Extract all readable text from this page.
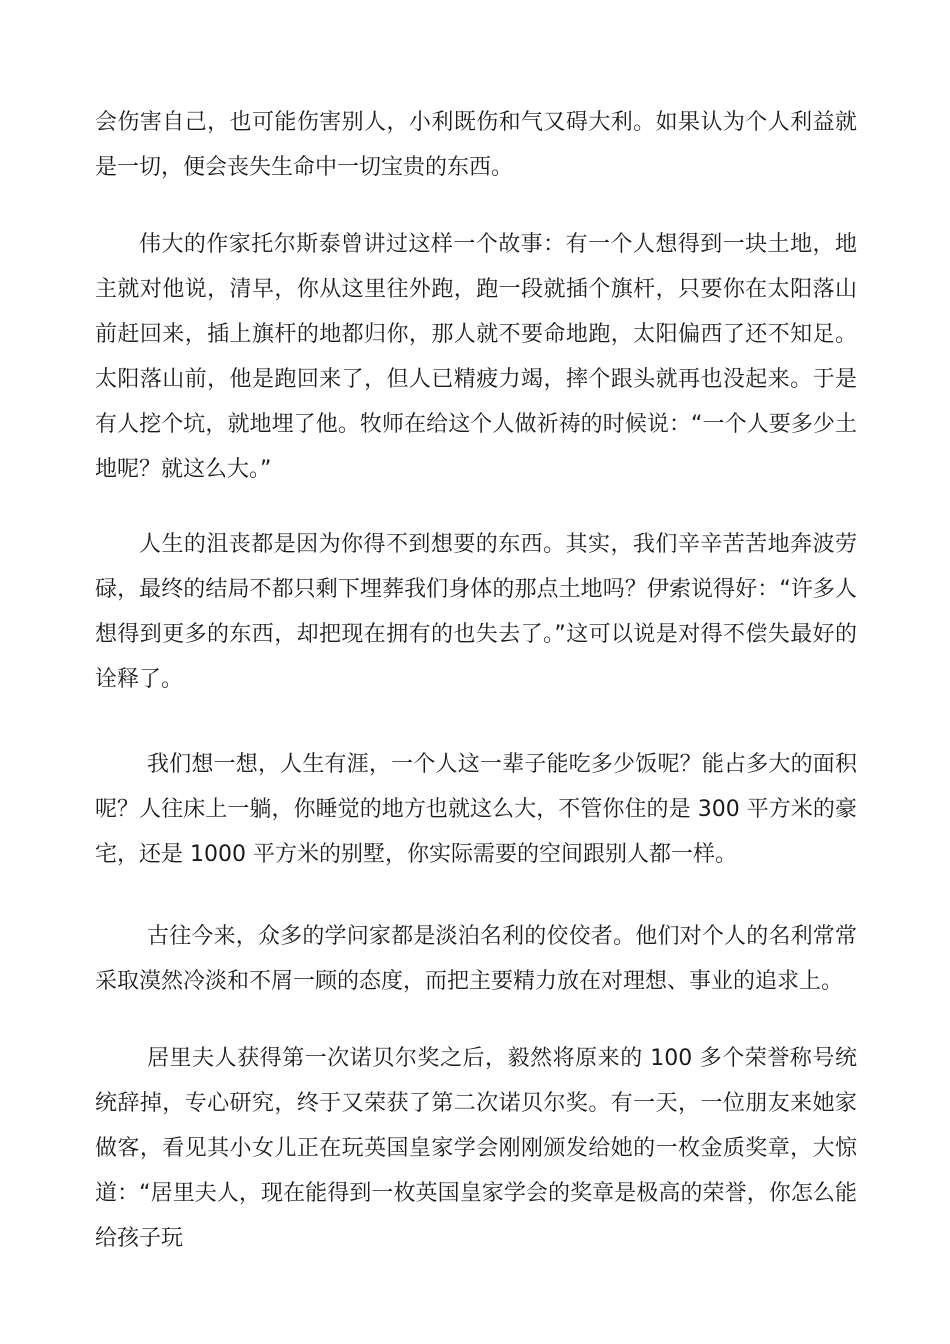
会伤害自己，也可能伤害别人，小利既伤和气又碍大利。如果认为个人利益就是一切，便会丧失生命中一切宝贵的东西。

伟大的作家托尔斯泰曾讲过这样一个故事：有一个人想得到一块土地，地主就对他说，清早，你从这里往外跑，跑一段就插个旗杆，只要你在太阳落山前赶回来，插上旗杆的地都归你，那人就不要命地跑，太阳偏西了还不知足。太阳落山前，他是跑回来了，但人已精疲力竭，摔个跟头就再也没起来。于是有人挖个坑，就地埋了他。牧师在给这个人做祈祷的时候说：“一个人要多少土地呢？就这么大。”

人生的沮丧都是因为你得不到想要的东西。其实，我们辛辛苦苦地奔波劳碌，最终的结局不都只剩下埋葬我们身体的那点土地吗？伊索说得好：“许多人想得到更多的东西，却把现在拥有的也失去了。”这可以说是对得不偿失最好的诠释了。

我们想一想，人生有涯，一个人这一辈子能吃多少饭呢？能占多大的面积呢？人往床上一躺，你睡觉的地方也就这么大，不管你住的是 300 平方米的豪宅，还是 1000 平方米的别墅，你实际需要的空间跟别人都一样。

古往今来，众多的学问家都是淡泊名利的佼佼者。他们对个人的名利常常采取漠然冷淡和不屑一顾的态度，而把主要精力放在对理想、事业的追求上。

居里夫人获得第一次诺贝尔奖之后，毅然将原来的 100 多个荣誉称号统统辞掉，专心研究，终于又荣获了第二次诺贝尔奖。有一天，一位朋友来她家做客，看见其小女儿正在玩英国皇家学会刚刚颁发给她的一枚金质奖章，大惊道：“居里夫人，现在能得到一枚英国皇家学会的奖章是极高的荣誉，你怎么能给孩子玩
